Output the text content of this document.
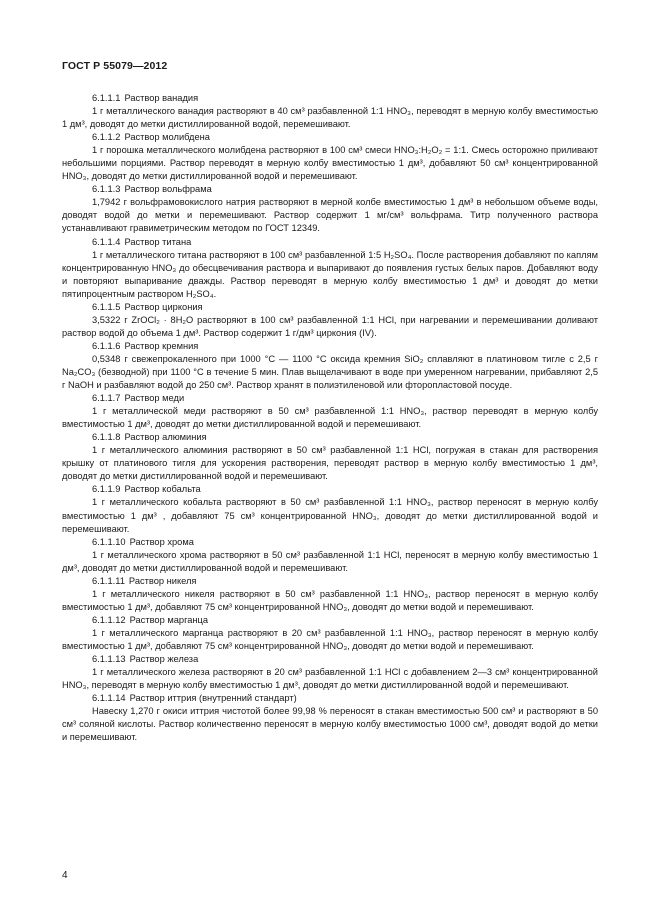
ГОСТ Р 55079—2012
6.1.1.1 Раствор ванадия
1 г металлического ванадия растворяют в 40 см³ разбавленной 1:1 HNO₃, переводят в мерную колбу вместимостью 1 дм³, доводят до метки дистиллированной водой, перемешивают.
6.1.1.2 Раствор молибдена
1 г порошка металлического молибдена растворяют в 100 см³ смеси HNO₃:H₂O₂ = 1:1. Смесь осторожно приливают небольшими порциями. Раствор переводят в мерную колбу вместимостью 1 дм³, добавляют 50 см³ концентрированной HNO₃, доводят до метки дистиллированной водой и перемешивают.
6.1.1.3 Раствор вольфрама
1,7942 г вольфрамовокислого натрия растворяют в мерной колбе вместимостью 1 дм³ в небольшом объеме воды, доводят водой до метки и перемешивают. Раствор содержит 1 мг/см³ вольфрама. Титр полученного раствора устанавливают гравиметрическим методом по ГОСТ 12349.
6.1.1.4 Раствор титана
1 г металлического титана растворяют в 100 см³ разбавленной 1:5 H₂SO₄. После растворения добавляют по каплям концентрированную HNO₃ до обесцвечивания раствора и выпаривают до появления густых белых паров. Добавляют воду и повторяют выпаривание дважды. Раствор переводят в мерную колбу вместимостью 1 дм³ и доводят до метки пятипроцентным раствором H₂SO₄.
6.1.1.5 Раствор циркония
3,5322 г ZrOCl₂ · 8H₂O растворяют в 100 см³ разбавленной 1:1 HCl, при нагревании и перемешивании доливают раствор водой до объема 1 дм³. Раствор содержит 1 г/дм³ циркония (IV).
6.1.1.6 Раствор кремния
0,5348 г свежепрокаленного при 1000 °С — 1100 °С оксида кремния SiO₂ сплавляют в платиновом тигле с 2,5 г Na₂CO₃ (безводной) при 1100 °С в течение 5 мин. Плав выщелачивают в воде при умеренном нагревании, прибавляют 2,5 г NaOH и разбавляют водой до 250 см³. Раствор хранят в полиэтиленовой или фторопластовой посуде.
6.1.1.7 Раствор меди
1 г металлической меди растворяют в 50 см³ разбавленной 1:1 HNO₃, раствор переводят в мерную колбу вместимостью 1 дм³, доводят до метки дистиллированной водой и перемешивают.
6.1.1.8 Раствор алюминия
1 г металлического алюминия растворяют в 50 см³ разбавленной 1:1 HCl, погружая в стакан для растворения крышку от платинового тигля для ускорения растворения, переводят раствор в мерную колбу вместимостью 1 дм³, доводят до метки дистиллированной водой и перемешивают.
6.1.1.9 Раствор кобальта
1 г металлического кобальта растворяют в 50 см³ разбавленной 1:1 HNO₃, раствор переносят в мерную колбу вместимостью 1 дм³ , добавляют 75 см³ концентрированной HNO₃, доводят до метки дистиллированной водой и перемешивают.
6.1.1.10 Раствор хрома
1 г металлического хрома растворяют в 50 см³ разбавленной 1:1 HCl, переносят в мерную колбу вместимостью 1 дм³, доводят до метки дистиллированной водой и перемешивают.
6.1.1.11 Раствор никеля
1 г металлического никеля растворяют в 50 см³ разбавленной 1:1 HNO₃, раствор переносят в мерную колбу вместимостью 1 дм³, добавляют 75 см³ концентрированной HNO₃, доводят до метки водой и перемешивают.
6.1.1.12 Раствор марганца
1 г металлического марганца растворяют в 20 см³ разбавленной 1:1 HNO₃, раствор переносят в мерную колбу вместимостью 1 дм³, добавляют 75 см³ концентрированной HNO₃, доводят до метки водой и перемешивают.
6.1.1.13 Раствор железа
1 г металлического железа растворяют в 20 см³ разбавленной 1:1 HCl с добавлением 2—3 см³ концентрированной HNO₃, переводят в мерную колбу вместимостью 1 дм³, доводят до метки дистиллированной водой и перемешивают.
6.1.1.14 Раствор иттрия (внутренний стандарт)
Навеску 1,270 г окиси иттрия чистотой более 99,98 % переносят в стакан вместимостью 500 см³ и растворяют в 50 см³ соляной кислоты. Раствор количественно переносят в мерную колбу вместимостью 1000 см³, доводят водой до метки и перемешивают.
4
